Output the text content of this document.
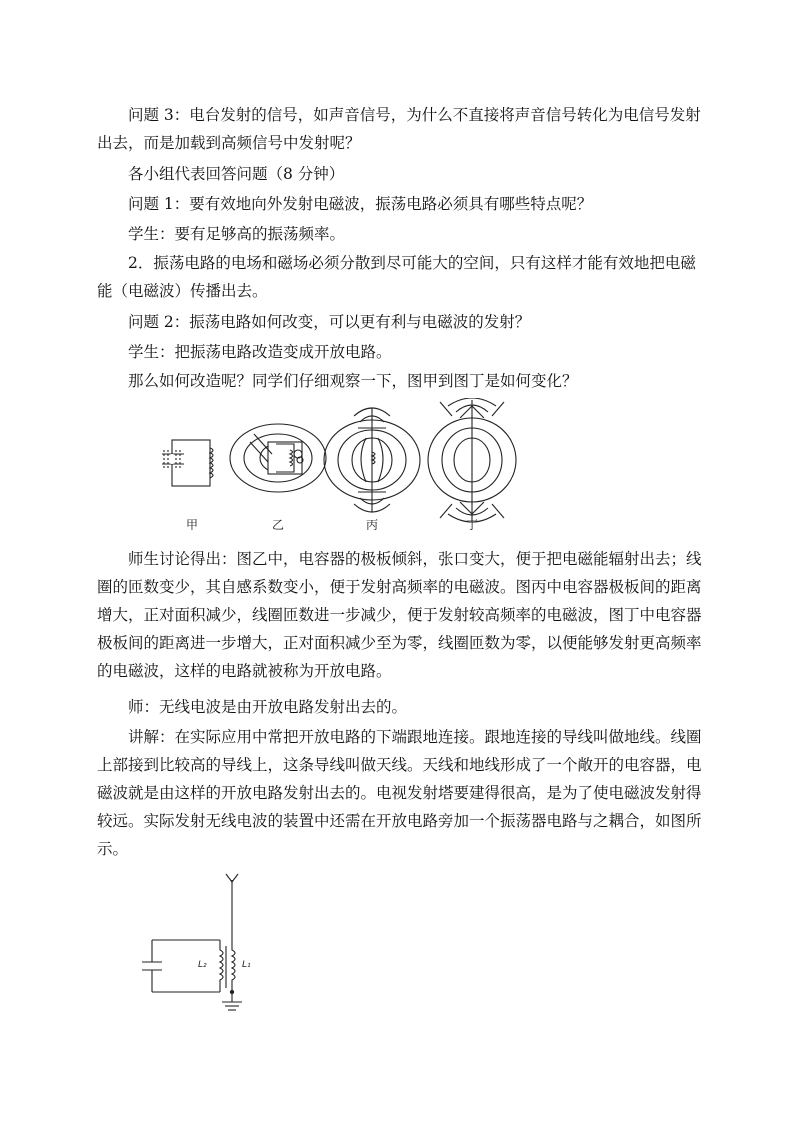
问题 3：电台发射的信号，如声音信号，为什么不直接将声音信号转化为电信号发射出去，而是加载到高频信号中发射呢？

各小组代表回答问题（8 分钟）

问题 1：要有效地向外发射电磁波，振荡电路必须具有哪些特点呢？

学生：要有足够高的振荡频率。

2．振荡电路的电场和磁场必须分散到尽可能大的空间，只有这样才能有效地把电磁能（电磁波）传播出去。

问题 2：振荡电路如何改变，可以更有利与电磁波的发射？

学生：把振荡电路改造变成开放电路。

那么如何改造呢？同学们仔细观察一下，图甲到图丁是如何变化？

甲	乙	丙	丁

师生讨论得出：图乙中，电容器的极板倾斜，张口变大，便于把电磁能辐射出去；线圈的匝数变少，其自感系数变小，便于发射高频率的电磁波。图丙中电容器极板间的距离增大，正对面积减少，线圈匝数进一步减少，便于发射较高频率的电磁波，图丁中电容器极板间的距离进一步增大，正对面积减少至为零，线圈匝数为零，以便能够发射更高频率的电磁波，这样的电路就被称为开放电路。

师：无线电波是由开放电路发射出去的。

讲解：在实际应用中常把开放电路的下端跟地连接。跟地连接的导线叫做地线。线圈上部接到比较高的导线上，这条导线叫做天线。天线和地线形成了一个敞开的电容器，电磁波就是由这样的开放电路发射出去的。电视发射塔要建得很高，是为了使电磁波发射得较远。实际发射无线电波的装置中还需在开放电路旁加一个振荡器电路与之耦合，如图所示。

L₂	L₁
